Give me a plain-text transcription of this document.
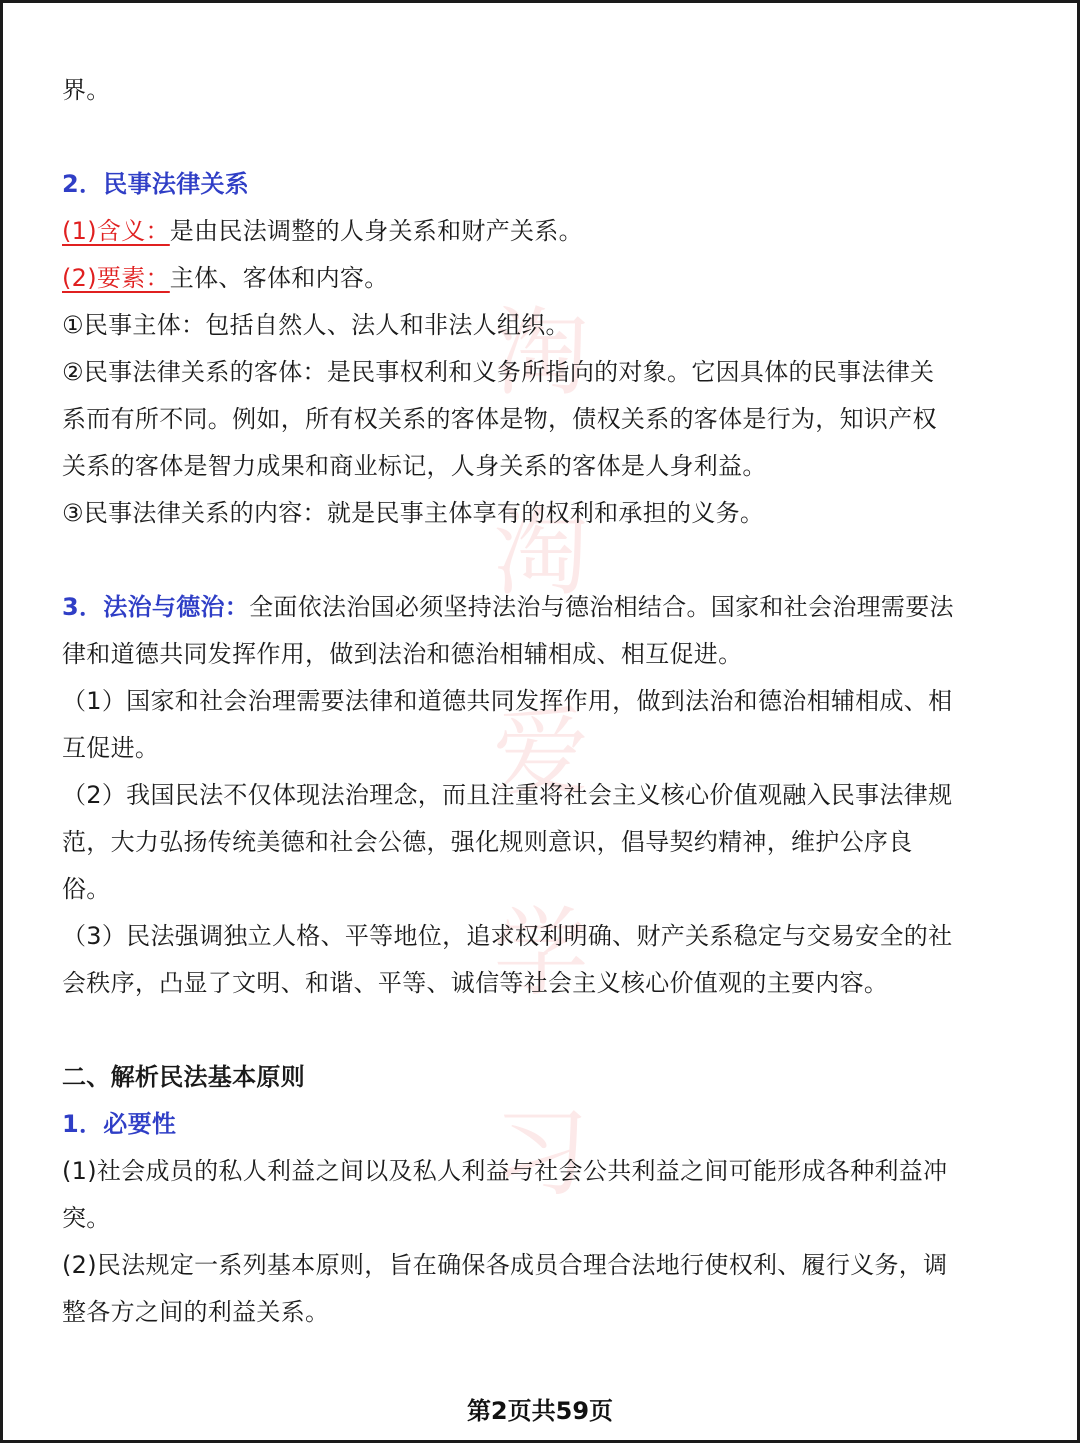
淘
淘
爱
学
习

界。

2．民事法律关系

(1)含义：是由民法调整的人身关系和财产关系。

(2)要素：主体、客体和内容。

①民事主体：包括自然人、法人和非法人组织。

②民事法律关系的客体：是民事权利和义务所指向的对象。它因具体的民事法律关

系而有所不同。例如，所有权关系的客体是物，债权关系的客体是行为，知识产权

关系的客体是智力成果和商业标记，人身关系的客体是人身利益。

③民事法律关系的内容：就是民事主体享有的权利和承担的义务。

3．法治与德治：全面依法治国必须坚持法治与德治相结合。国家和社会治理需要法

律和道德共同发挥作用，做到法治和德治相辅相成、相互促进。

（1）国家和社会治理需要法律和道德共同发挥作用，做到法治和德治相辅相成、相

互促进。

（2）我国民法不仅体现法治理念，而且注重将社会主义核心价值观融入民事法律规

范，大力弘扬传统美德和社会公德，强化规则意识，倡导契约精神，维护公序良

俗。

（3）民法强调独立人格、平等地位，追求权利明确、财产关系稳定与交易安全的社

会秩序，凸显了文明、和谐、平等、诚信等社会主义核心价值观的主要内容。

二、解析民法基本原则

1．必要性

(1)社会成员的私人利益之间以及私人利益与社会公共利益之间可能形成各种利益冲

突。

(2)民法规定一系列基本原则，旨在确保各成员合理合法地行使权利、履行义务，调

整各方之间的利益关系。

第2页共59页
